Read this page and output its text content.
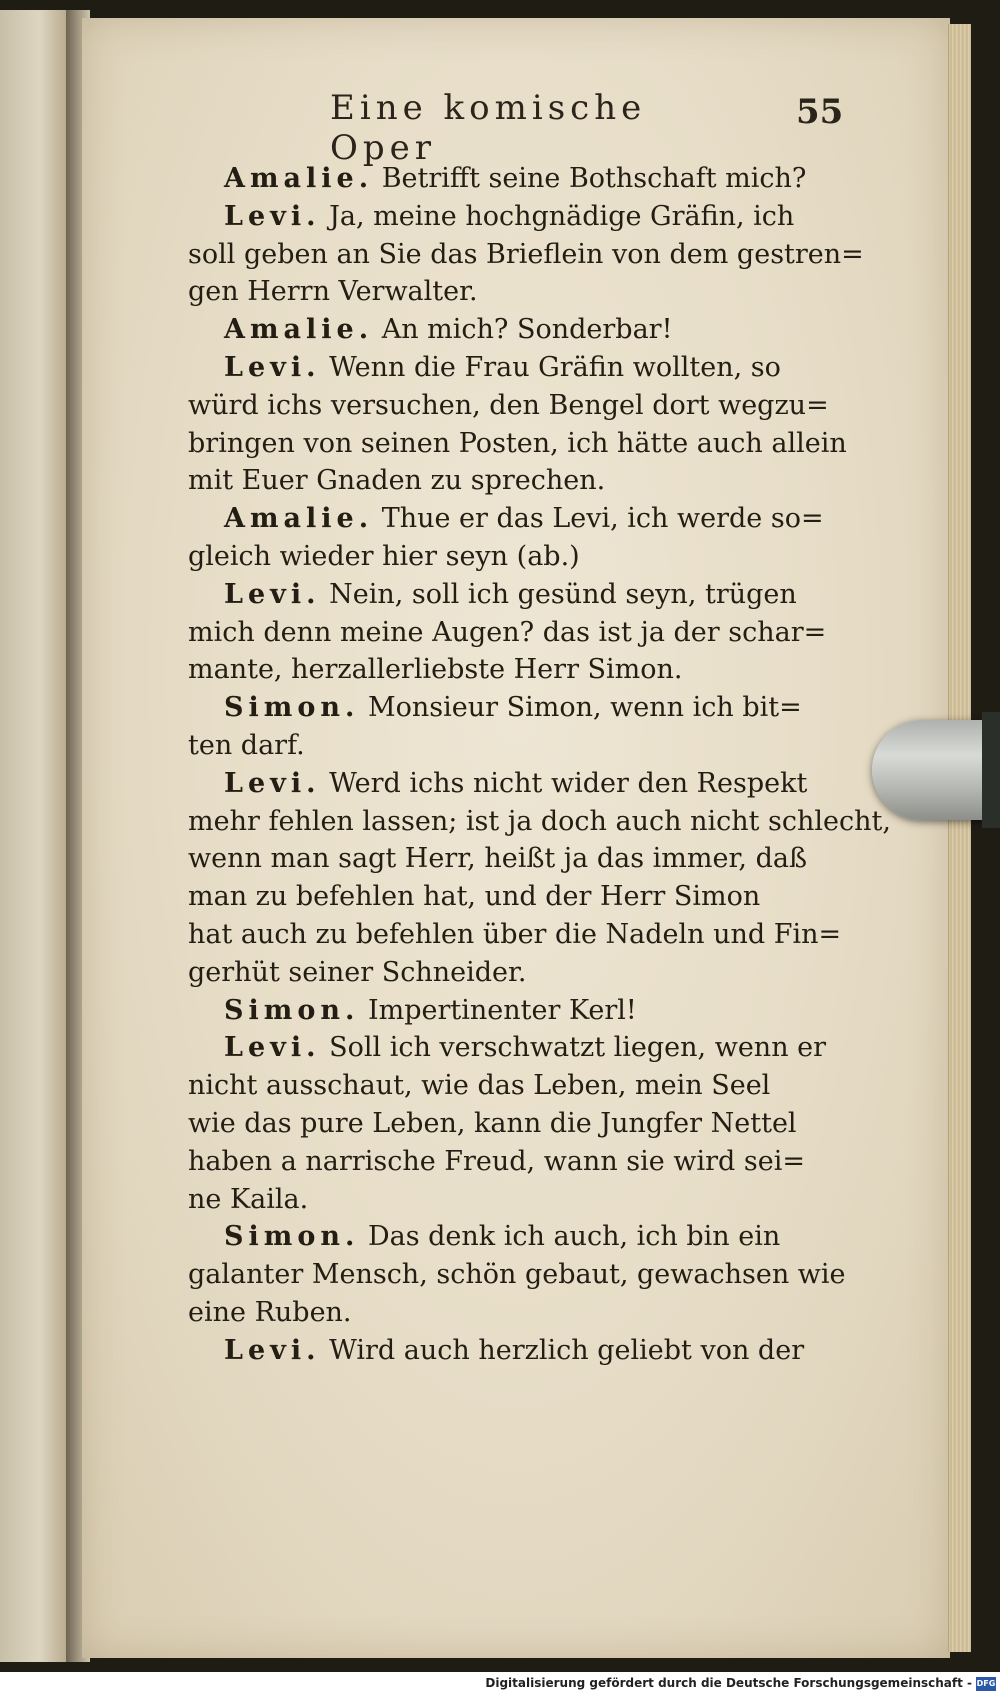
Eine komische Oper
55
Amalie. Betrifft seine Bothschaft mich?
Levi. Ja, meine hochgnädige Gräfin, ich
soll geben an Sie das Brieflein von dem gestren=
gen Herrn Verwalter.
Amalie. An mich? Sonderbar!
Levi. Wenn die Frau Gräfin wollten, so
würd ichs versuchen, den Bengel dort wegzu=
bringen von seinen Posten, ich hätte auch allein
mit Euer Gnaden zu sprechen.
Amalie. Thue er das Levi, ich werde so=
gleich wieder hier seyn (ab.)
Levi. Nein, soll ich gesünd seyn, trügen
mich denn meine Augen? das ist ja der schar=
mante, herzallerliebste Herr Simon.
Simon. Monsieur Simon, wenn ich bit=
ten darf.
Levi. Werd ichs nicht wider den Respekt
mehr fehlen lassen; ist ja doch auch nicht schlecht,
wenn man sagt Herr, heißt ja das immer, daß
man zu befehlen hat, und der Herr Simon
hat auch zu befehlen über die Nadeln und Fin=
gerhüt seiner Schneider.
Simon. Impertinenter Kerl!
Levi. Soll ich verschwatzt liegen, wenn er
nicht ausschaut, wie das Leben, mein Seel
wie das pure Leben, kann die Jungfer Nettel
haben a narrische Freud, wann sie wird sei=
ne Kaila.
Simon. Das denk ich auch, ich bin ein
galanter Mensch, schön gebaut, gewachsen wie
eine Ruben.
Levi. Wird auch herzlich geliebt von der
Digitalisierung gefördert durch die Deutsche Forschungsgemeinschaft - DFG
